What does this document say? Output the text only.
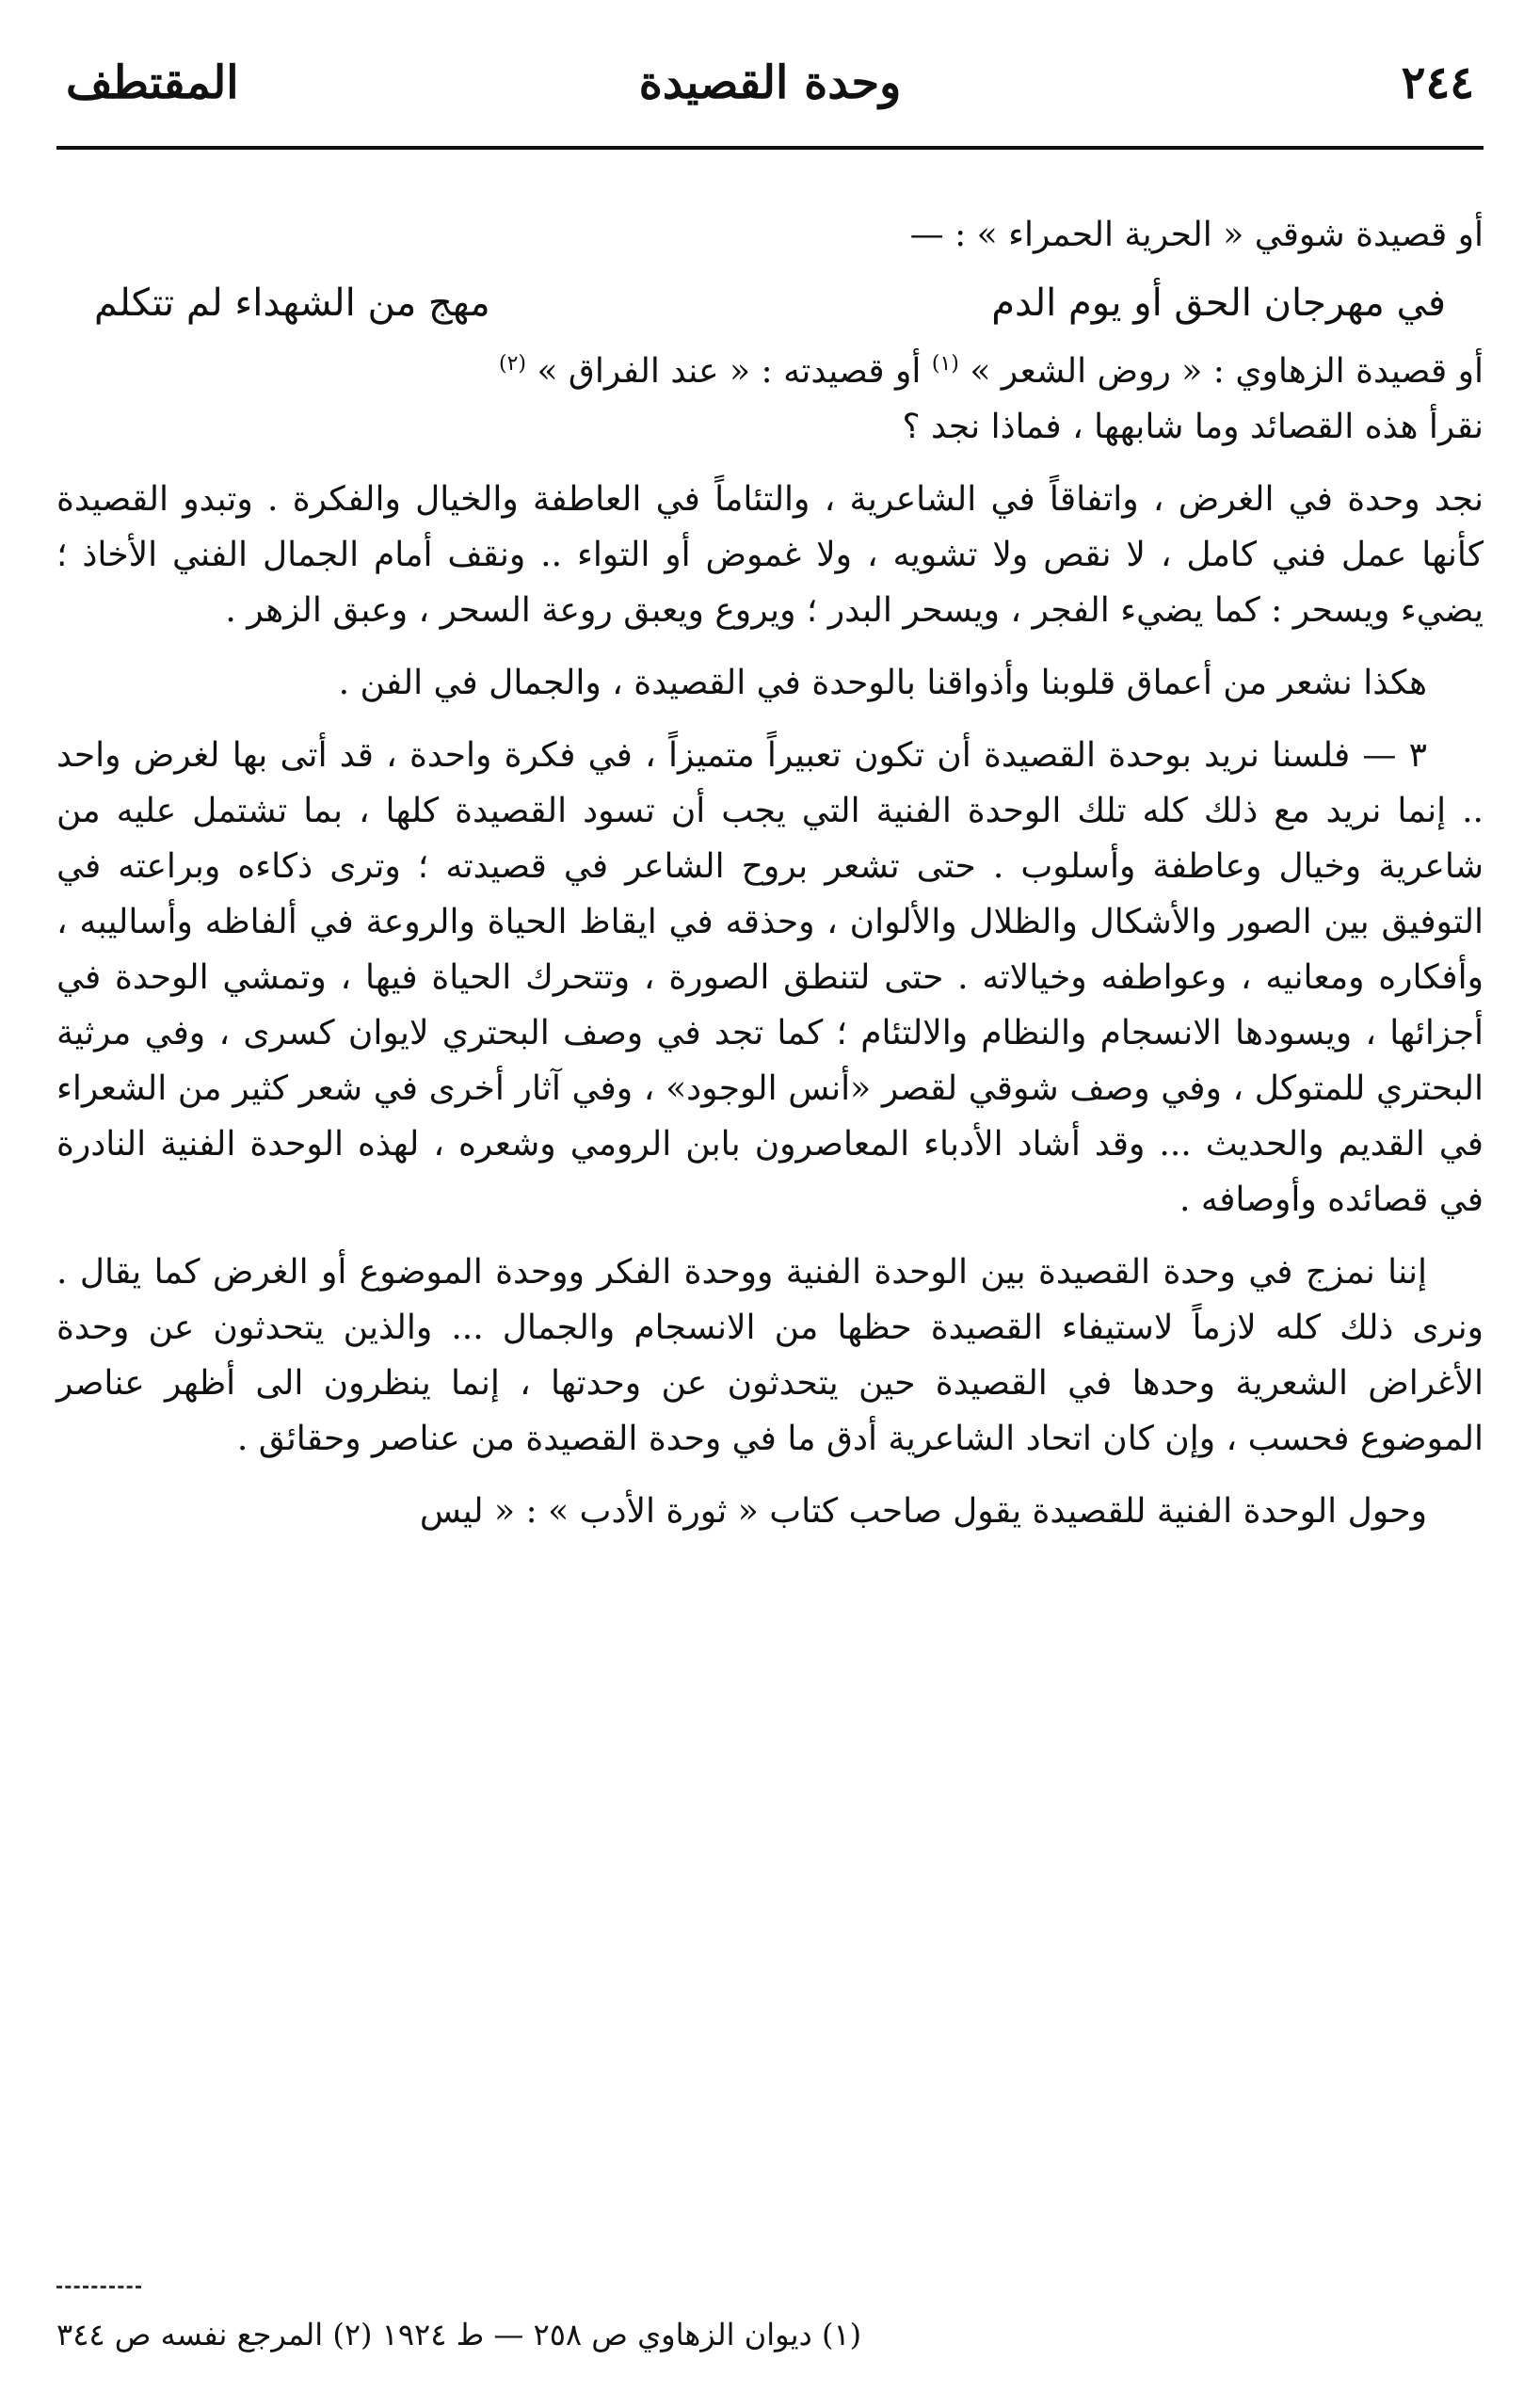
٢٤٤
وحدة القصيدة
المقتطف

أو قصيدة شوقي « الحرية الحمراء » : —

في مهرجان الحق أو يوم الدم
مهج من الشهداء لم تتكلم

أو قصيدة الزهاوي : « روض الشعر » $^{(١)}$ أو قصيدته : « عند الفراق » $^{(٢)}$

نقرأ هذه القصائد وما شابهها ، فماذا نجد ؟

نجد وحدة في الغرض ، واتفاقاً في الشاعرية ، والتئاماً في العاطفة والخيال والفكرة . وتبدو القصيدة كأنها عمل فني كامل ، لا نقص ولا تشويه ، ولا غموض أو التواء .. ونقف أمام الجمال الفني الأخاذ ؛ يضيء ويسحر : كما يضيء الفجر ، ويسحر البدر ؛ ويروع ويعبق روعة السحر ، وعبق الزهر .

هكذا نشعر من أعماق قلوبنا وأذواقنا بالوحدة في القصيدة ، والجمال في الفن .

٣ — فلسنا نريد بوحدة القصيدة أن تكون تعبيراً متميزاً ، في فكرة واحدة ، قد أتى بها لغرض واحد .. إنما نريد مع ذلك كله تلك الوحدة الفنية التي يجب أن تسود القصيدة كلها ، بما تشتمل عليه من شاعرية وخيال وعاطفة وأسلوب . حتى تشعر بروح الشاعر في قصيدته ؛ وترى ذكاءه وبراعته في التوفيق بين الصور والأشكال والظلال والألوان ، وحذقه في ايقاظ الحياة والروعة في ألفاظه وأساليبه ، وأفكاره ومعانيه ، وعواطفه وخيالاته . حتى لتنطق الصورة ، وتتحرك الحياة فيها ، وتمشي الوحدة في أجزائها ، ويسودها الانسجام والنظام والالتئام ؛ كما تجد في وصف البحتري لايوان كسرى ، وفي مرثية البحتري للمتوكل ، وفي وصف شوقي لقصر «أنس الوجود» ، وفي آثار أخرى في شعر كثير من الشعراء في القديم والحديث ... وقد أشاد الأدباء المعاصرون بابن الرومي وشعره ، لهذه الوحدة الفنية النادرة في قصائده وأوصافه .

إننا نمزج في وحدة القصيدة بين الوحدة الفنية ووحدة الفكر ووحدة الموضوع أو الغرض كما يقال . ونرى ذلك كله لازماً لاستيفاء القصيدة حظها من الانسجام والجمال ... والذين يتحدثون عن وحدة الأغراض الشعرية وحدها في القصيدة حين يتحدثون عن وحدتها ، إنما ينظرون الى أظهر عناصر الموضوع فحسب ، وإن كان اتحاد الشاعرية أدق ما في وحدة القصيدة من عناصر وحقائق .

وحول الوحدة الفنية للقصيدة يقول صاحب كتاب « ثورة الأدب » : « ليس

(١) ديوان الزهاوي ص ٢٥٨ — ط ١٩٢٤ (٢) المرجع نفسه ص ٣٤٤
